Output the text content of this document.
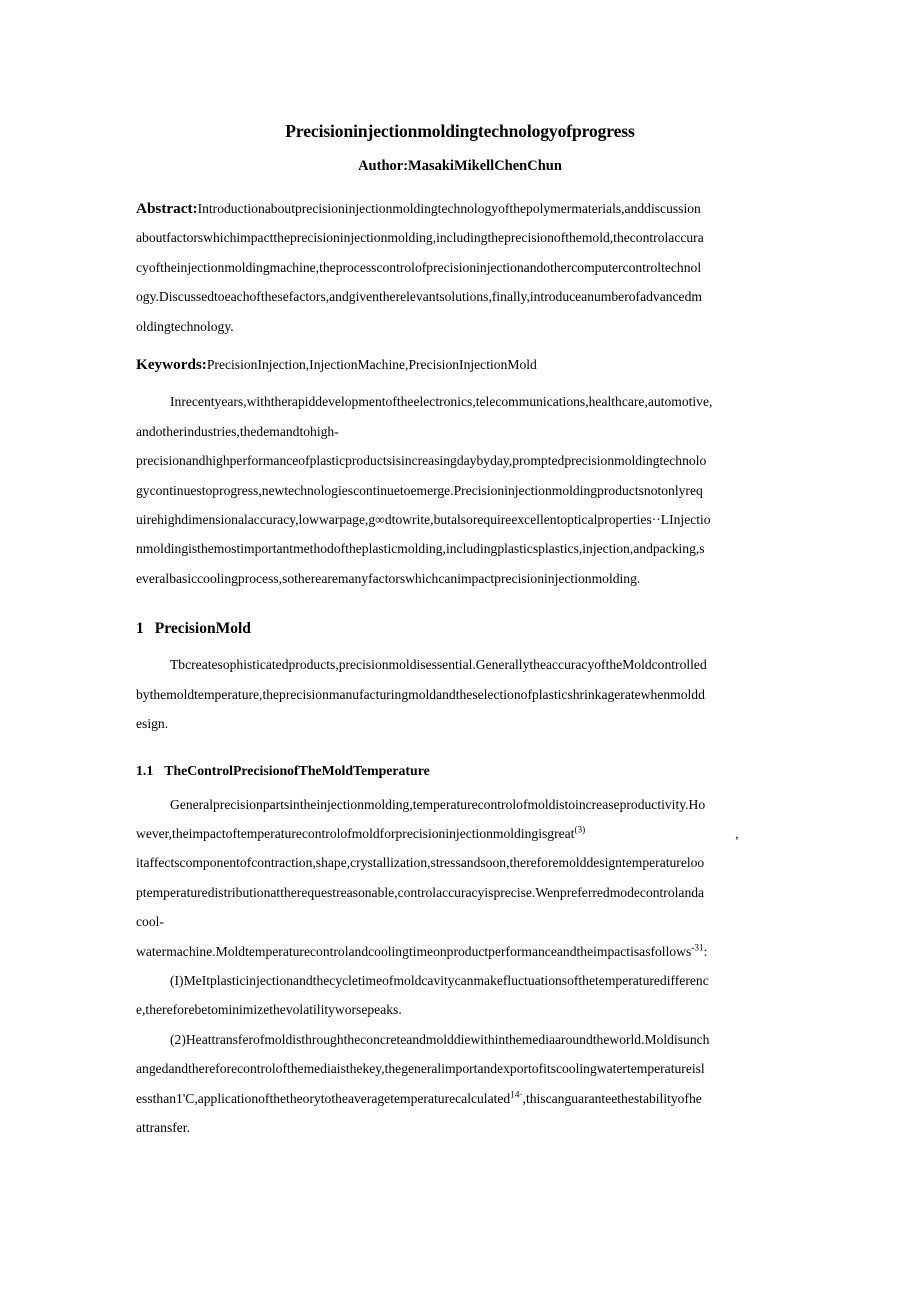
Precisioninjectionmoldingtechnologyofprogress
Author:MasakiMikellChenChun
Abstract:Introductionaboutprecisioninjectionmoldingtechnologyofthepolymermaterials,anddiscussion
aboutfactorswhichimpacttheprecisioninjectionmolding,includingtheprecisionofthemold,thecontrolaccura
cyoftheinjectionmoldingmachine,theprocesscontrolofprecisioninjectionandothercomputercontroltechnol
ogy.Discussedtoeachofthesefactors,andgiventherelevantsolutions,finally,introduceanumberofadvancedm
oldingtechnology.
Keywords:PrecisionInjection,InjectionMachine,PrecisionInjectionMold
Inrecentyears,withtherapiddevelopmentoftheelectronics,telecommunications,healthcare,automotive,
andotherindustries,thedemandtohigh-
precisionandhighperformanceofplasticproductsisincreasingdaybyday,promptedprecisionmoldingtechnolo
gycontinuestoprogress,newtechnologiescontinuetoemerge.Precisioninjectionmoldingproductsnotonlyreq
uirehighdimensionalaccuracy,lowwarpage,g∞dtowrite,butalsorequireexcellentopticalproperties··LInjectio
nmoldingisthemostimportantmethodoftheplasticmolding,includingplasticsplastics,injection,andpacking,s
everalbasiccoolingprocess,sotherearemanyfactorswhichcanimpactprecisioninjectionmolding.
1 PrecisionMold
Tbcreatesophisticatedproducts,precisionmoldisessential.GenerallytheaccuracyoftheMoldcontrolled
bythemoldtemperature,theprecisionmanufacturingmoldandtheselectionofplasticshrinkageratewhenmoldd
esign.
1.1 TheControlPrecisionofTheMoldTemperature
Generalprecisionpartsintheinjectionmolding,temperaturecontrolofmoldistoincreaseproductivity.Ho
wever,theimpactoftemperaturecontrolofmoldforprecisioninjectionmoldingisgreat$^{(3)}$	,
itaffectscomponentofcontraction,shape,crystallization,stressandsoon,thereforemolddesigntemperatureloo
ptemperaturedistributionattherequestreasonable,controlaccuracyisprecise.Wenpreferredmodecontrolanda
cool-
watermachine.Moldtemperaturecontrolandcoolingtimeonproductperformanceandtheimpactisasfollows$^{-31}$:
(I)MeItplasticinjectionandthecycletimeofmoldcavitycanmakefluctuationsofthetemperaturedifferenc
e,thereforebetominimizethevolatilityworsepeaks.
(2)Heattransferofmoldisthroughtheconcreteandmolddiewithinthemediaaroundtheworld.Moldisunch
angedandthereforecontrolofthemediaisthekey,thegeneralimportandexportofitscoolingwatertemperatureisl
essthan1'C,applicationofthetheorytotheaveragetemperaturecalculated$^{14\cdot}$,thiscanguaranteethestabilityofhe
attransfer.
